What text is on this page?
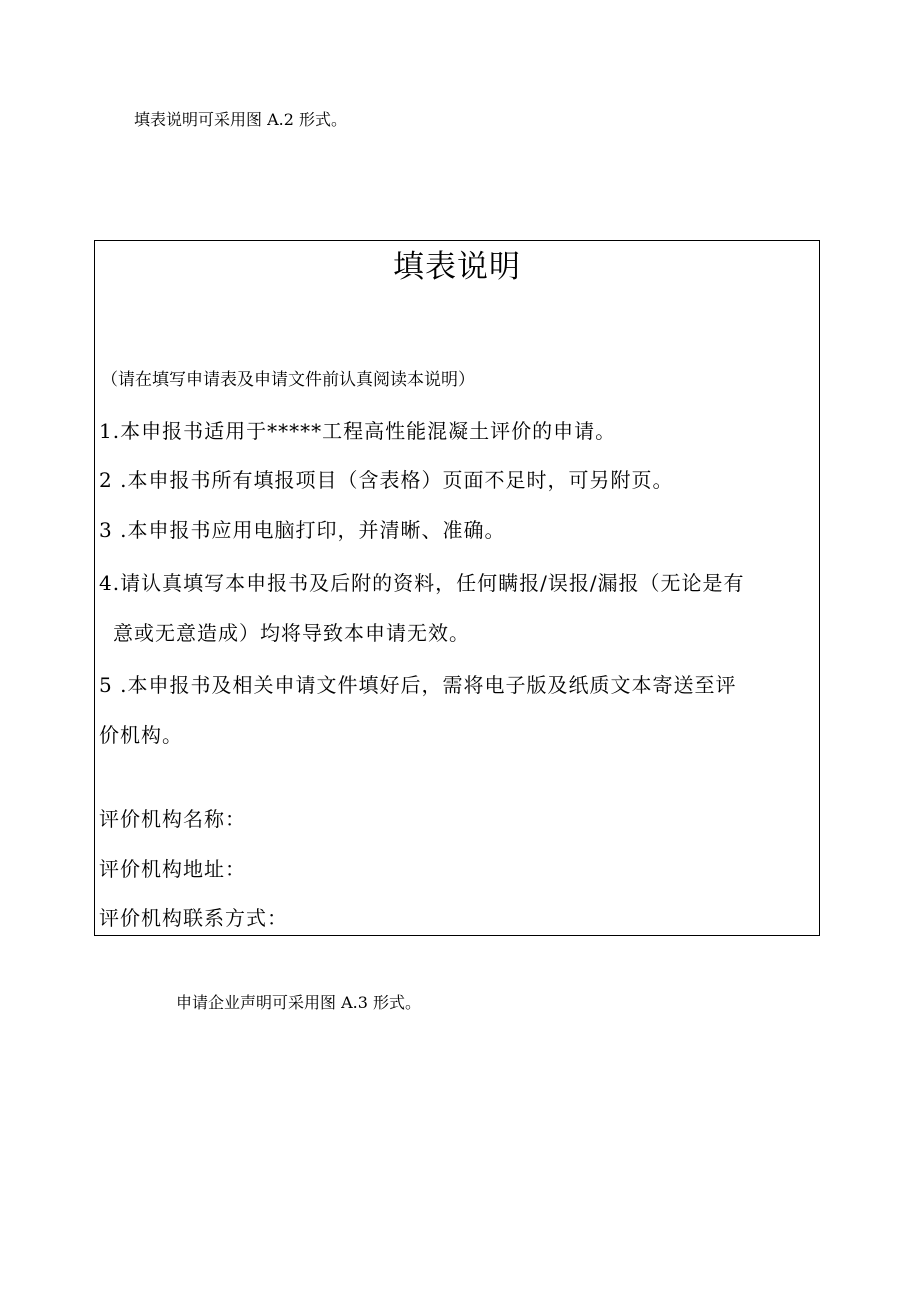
填表说明可采用图 A.2 形式。
填表说明
（请在填写申请表及申请文件前认真阅读本说明）
1.本申报书适用于*****工程高性能混凝土评价的申请。
2 .本申报书所有填报项目（含表格）页面不足时，可另附页。
3 .本申报书应用电脑打印，并清晰、准确。
4.请认真填写本申报书及后附的资料，任何瞒报/误报/漏报（无论是有

意或无意造成）均将导致本申请无效。
5 .本申报书及相关申请文件填好后，需将电子版及纸质文本寄送至评
价机构。
评价机构名称：
评价机构地址：
评价机构联系方式：
申请企业声明可采用图 A.3 形式。
